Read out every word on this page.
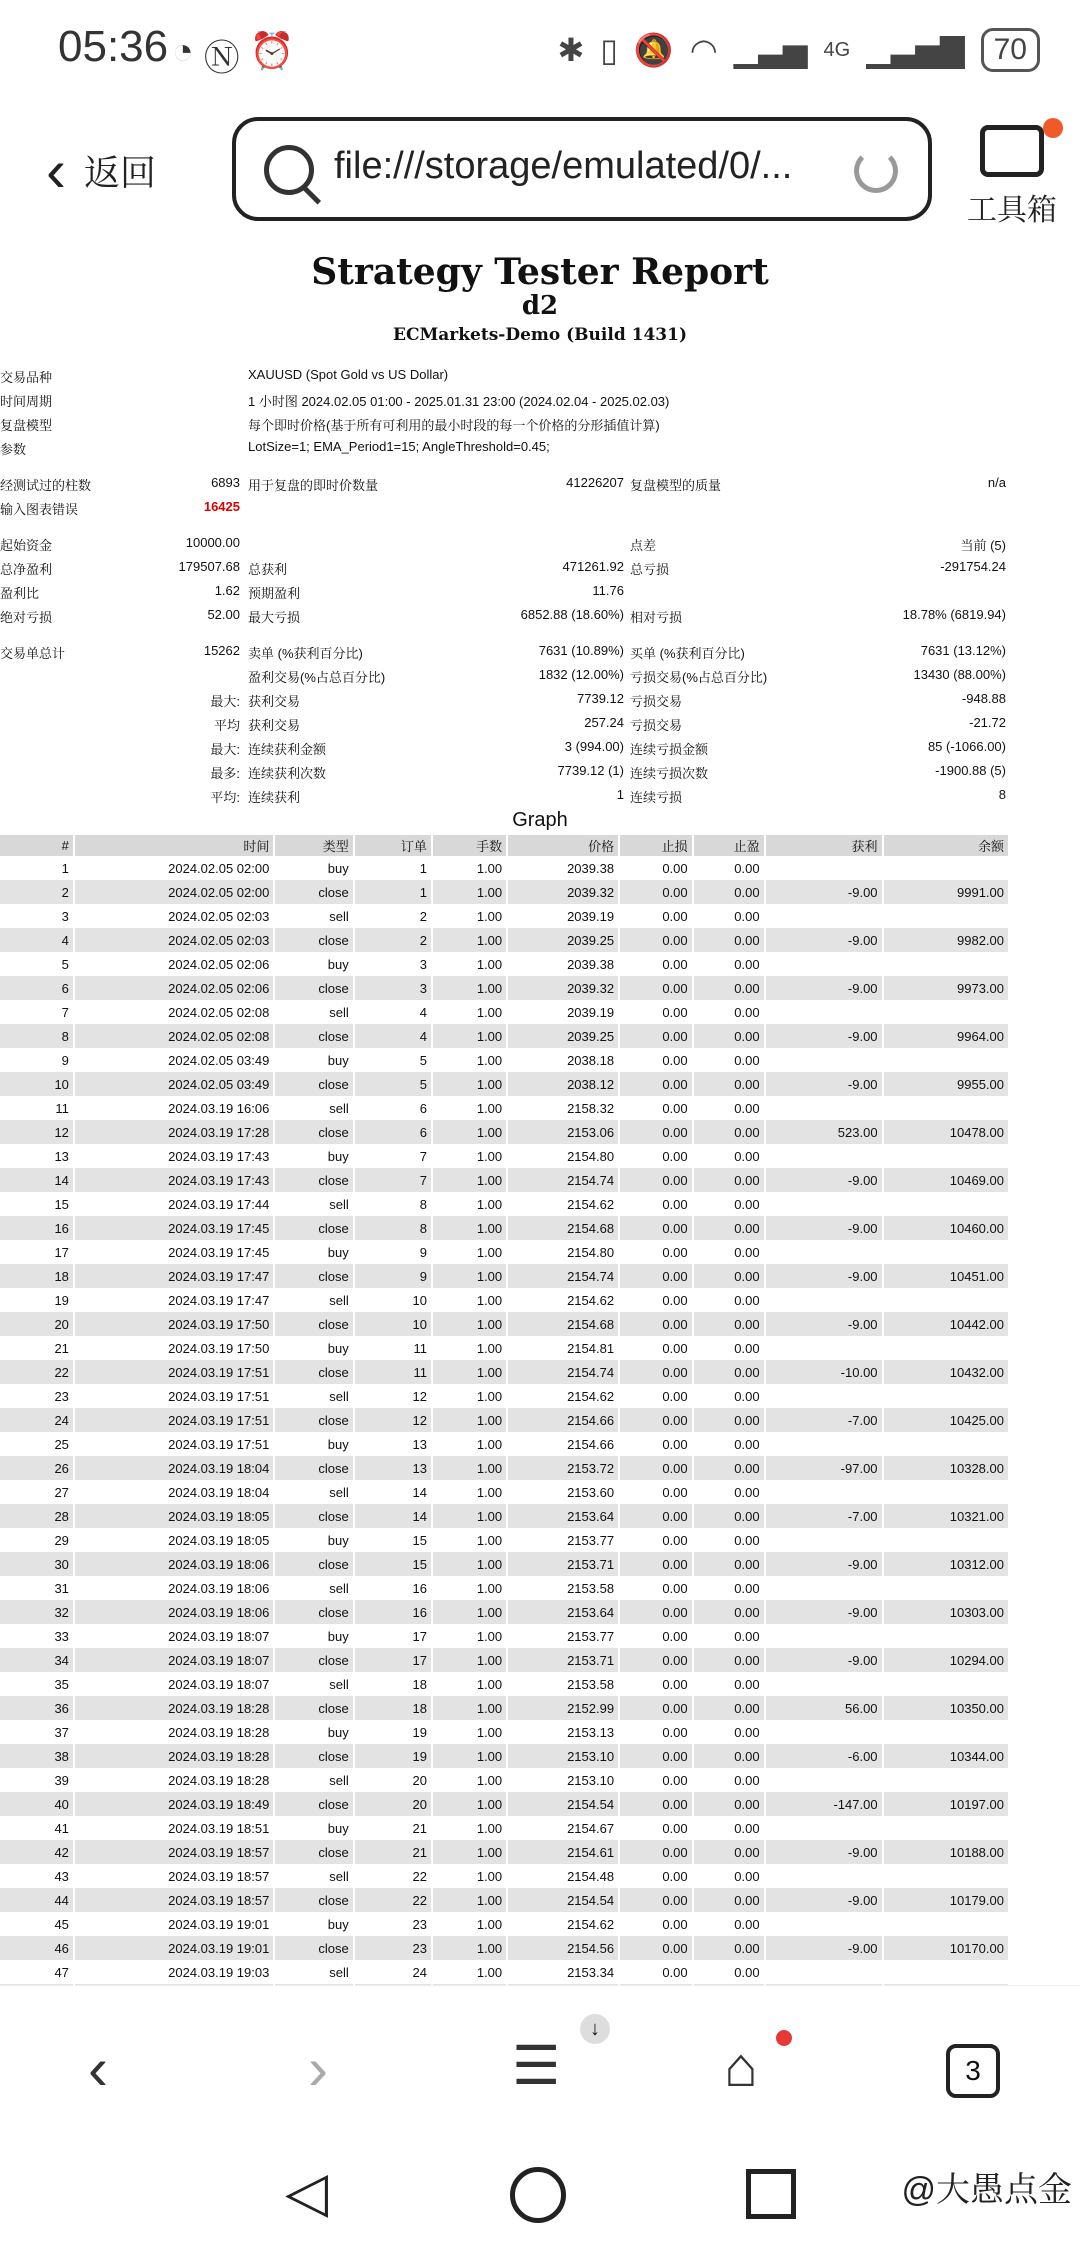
05:36 ◔ Ⓝ ⏰	✱ ▯ 🔕 ◠ ▁▃▅ 4G ▁▃▅▇ 70
‹ 返回	file:///storage/emulated/0/...
工具箱
Strategy Tester Report
d2
ECMarkets-Demo (Build 1431)
交易品种	XAUUSD (Spot Gold vs US Dollar)
时间周期	1 小时图 2024.02.05 01:00 - 2025.01.31 23:00 (2024.02.04 - 2025.02.03)
复盘模型	每个即时价格(基于所有可利用的最小时段的每一个价格的分形插值计算)
参数	LotSize=1; EMA_Period1=15; AngleThreshold=0.45;
经测试过的柱数	6893 用于复盘的即时价数量	41226207 复盘模型的质量	n/a
输入图表错误	16425
起始资金	10000.00	点差	当前 (5)
总净盈利	179507.68 总获利	471261.92 总亏损	-291754.24
盈利比	1.62 预期盈利	11.76
绝对亏损	52.00 最大亏损	6852.88 (18.60%) 相对亏损	18.78% (6819.94)
交易单总计	15262 卖单 (%获利百分比)	7631 (10.89%) 买单 (%获利百分比)	7631 (13.12%)
盈利交易(%占总百分比)	1832 (12.00%) 亏损交易(%占总百分比)	13430 (88.00%)
最大: 获利交易	7739.12 亏损交易	-948.88
平均 获利交易	257.24 亏损交易	-21.72
最大: 连续获利金额	3 (994.00) 连续亏损金额	85 (-1066.00)
最多: 连续获利次数	7739.12 (1) 连续亏损次数	-1900.88 (5)
平均: 连续获利	1 连续亏损	8
Graph
#	时间	类型	订单	手数	价格	止损	止盈	获利	余额
1	2024.02.05 02:00	buy	1	1.00	2039.38	0.00	0.00		
2	2024.02.05 02:00	close	1	1.00	2039.32	0.00	0.00	-9.00	9991.00
3	2024.02.05 02:03	sell	2	1.00	2039.19	0.00	0.00		
4	2024.02.05 02:03	close	2	1.00	2039.25	0.00	0.00	-9.00	9982.00
5	2024.02.05 02:06	buy	3	1.00	2039.38	0.00	0.00		
6	2024.02.05 02:06	close	3	1.00	2039.32	0.00	0.00	-9.00	9973.00
7	2024.02.05 02:08	sell	4	1.00	2039.19	0.00	0.00		
8	2024.02.05 02:08	close	4	1.00	2039.25	0.00	0.00	-9.00	9964.00
9	2024.02.05 03:49	buy	5	1.00	2038.18	0.00	0.00		
10	2024.02.05 03:49	close	5	1.00	2038.12	0.00	0.00	-9.00	9955.00
11	2024.03.19 16:06	sell	6	1.00	2158.32	0.00	0.00		
12	2024.03.19 17:28	close	6	1.00	2153.06	0.00	0.00	523.00	10478.00
13	2024.03.19 17:43	buy	7	1.00	2154.80	0.00	0.00		
14	2024.03.19 17:43	close	7	1.00	2154.74	0.00	0.00	-9.00	10469.00
15	2024.03.19 17:44	sell	8	1.00	2154.62	0.00	0.00		
16	2024.03.19 17:45	close	8	1.00	2154.68	0.00	0.00	-9.00	10460.00
17	2024.03.19 17:45	buy	9	1.00	2154.80	0.00	0.00		
18	2024.03.19 17:47	close	9	1.00	2154.74	0.00	0.00	-9.00	10451.00
19	2024.03.19 17:47	sell	10	1.00	2154.62	0.00	0.00		
20	2024.03.19 17:50	close	10	1.00	2154.68	0.00	0.00	-9.00	10442.00
21	2024.03.19 17:50	buy	11	1.00	2154.81	0.00	0.00		
22	2024.03.19 17:51	close	11	1.00	2154.74	0.00	0.00	-10.00	10432.00
23	2024.03.19 17:51	sell	12	1.00	2154.62	0.00	0.00		
24	2024.03.19 17:51	close	12	1.00	2154.66	0.00	0.00	-7.00	10425.00
25	2024.03.19 17:51	buy	13	1.00	2154.66	0.00	0.00		
26	2024.03.19 18:04	close	13	1.00	2153.72	0.00	0.00	-97.00	10328.00
27	2024.03.19 18:04	sell	14	1.00	2153.60	0.00	0.00		
28	2024.03.19 18:05	close	14	1.00	2153.64	0.00	0.00	-7.00	10321.00
29	2024.03.19 18:05	buy	15	1.00	2153.77	0.00	0.00		
30	2024.03.19 18:06	close	15	1.00	2153.71	0.00	0.00	-9.00	10312.00
31	2024.03.19 18:06	sell	16	1.00	2153.58	0.00	0.00		
32	2024.03.19 18:06	close	16	1.00	2153.64	0.00	0.00	-9.00	10303.00
33	2024.03.19 18:07	buy	17	1.00	2153.77	0.00	0.00		
34	2024.03.19 18:07	close	17	1.00	2153.71	0.00	0.00	-9.00	10294.00
35	2024.03.19 18:07	sell	18	1.00	2153.58	0.00	0.00		
36	2024.03.19 18:28	close	18	1.00	2152.99	0.00	0.00	56.00	10350.00
37	2024.03.19 18:28	buy	19	1.00	2153.13	0.00	0.00		
38	2024.03.19 18:28	close	19	1.00	2153.10	0.00	0.00	-6.00	10344.00
39	2024.03.19 18:28	sell	20	1.00	2153.10	0.00	0.00		
40	2024.03.19 18:49	close	20	1.00	2154.54	0.00	0.00	-147.00	10197.00
41	2024.03.19 18:51	buy	21	1.00	2154.67	0.00	0.00		
42	2024.03.19 18:57	close	21	1.00	2154.61	0.00	0.00	-9.00	10188.00
43	2024.03.19 18:57	sell	22	1.00	2154.48	0.00	0.00		
44	2024.03.19 18:57	close	22	1.00	2154.54	0.00	0.00	-9.00	10179.00
45	2024.03.19 19:01	buy	23	1.00	2154.62	0.00	0.00		
46	2024.03.19 19:01	close	23	1.00	2154.56	0.00	0.00	-9.00	10170.00
47	2024.03.19 19:03	sell	24	1.00	2153.34	0.00	0.00		

‹	›	☰
↓
⌂	3
◁	@大愚点金
